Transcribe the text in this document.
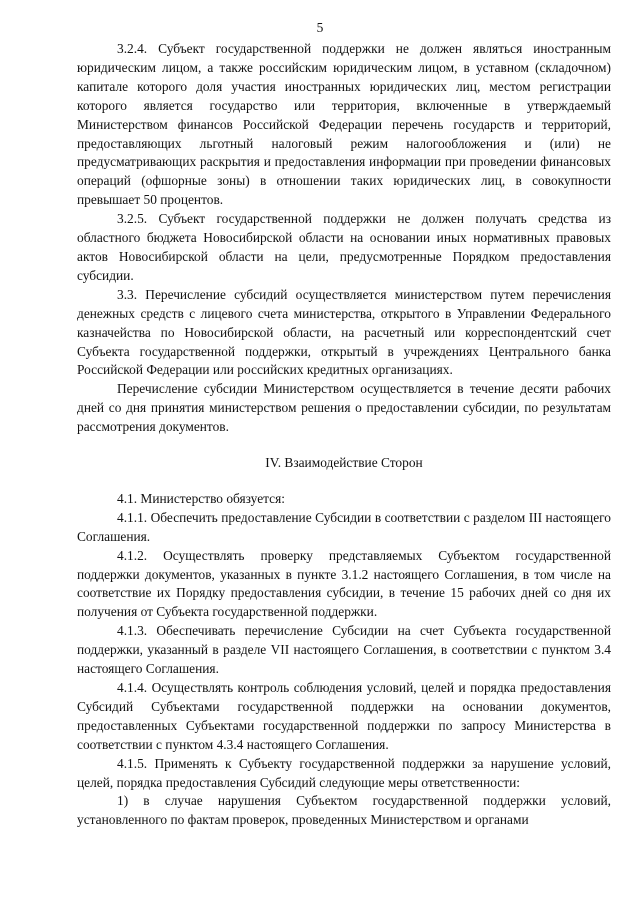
5

3.2.4. Субъект государственной поддержки не должен являться иностранным юридическим лицом, а также российским юридическим лицом, в уставном (складочном) капитале которого доля участия иностранных юридических лиц, местом регистрации которого является государство или территория, включенные в утверждаемый Министерством финансов Российской Федерации перечень государств и территорий, предоставляющих льготный налоговый режим налогообложения и (или) не предусматривающих раскрытия и предоставления информации при проведении финансовых операций (офшорные зоны) в отношении таких юридических лиц, в совокупности превышает 50 процентов.

3.2.5. Субъект государственной поддержки не должен получать средства из областного бюджета Новосибирской области на основании иных нормативных правовых актов Новосибирской области на цели, предусмотренные Порядком предоставления субсидии.

3.3. Перечисление субсидий осуществляется министерством путем перечисления денежных средств с лицевого счета министерства, открытого в Управлении Федерального казначейства по Новосибирской области, на расчетный или корреспондентский счет Субъекта государственной поддержки, открытый в учреждениях Центрального банка Российской Федерации или российских кредитных организациях.

Перечисление субсидии Министерством осуществляется в течение десяти рабочих дней со дня принятия министерством решения о предоставлении субсидии, по результатам рассмотрения документов.

IV. Взаимодействие Сторон

4.1. Министерство обязуется:

4.1.1. Обеспечить предоставление Субсидии в соответствии с разделом III настоящего Соглашения.

4.1.2. Осуществлять проверку представляемых Субъектом государственной поддержки документов, указанных в пункте 3.1.2 настоящего Соглашения, в том числе на соответствие их Порядку предоставления субсидии, в течение 15 рабочих дней со дня их получения от Субъекта государственной поддержки.

4.1.3. Обеспечивать перечисление Субсидии на счет Субъекта государственной поддержки, указанный в разделе VII настоящего Соглашения, в соответствии с пунктом 3.4 настоящего Соглашения.

4.1.4. Осуществлять контроль соблюдения условий, целей и порядка предоставления Субсидий Субъектами государственной поддержки на основании документов, предоставленных Субъектами государственной поддержки по запросу Министерства в соответствии с пунктом 4.3.4 настоящего Соглашения.

4.1.5. Применять к Субъекту государственной поддержки за нарушение условий, целей, порядка предоставления Субсидий следующие меры ответственности:

1) в случае нарушения Субъектом государственной поддержки условий, установленного по фактам проверок, проведенных Министерством и органами
